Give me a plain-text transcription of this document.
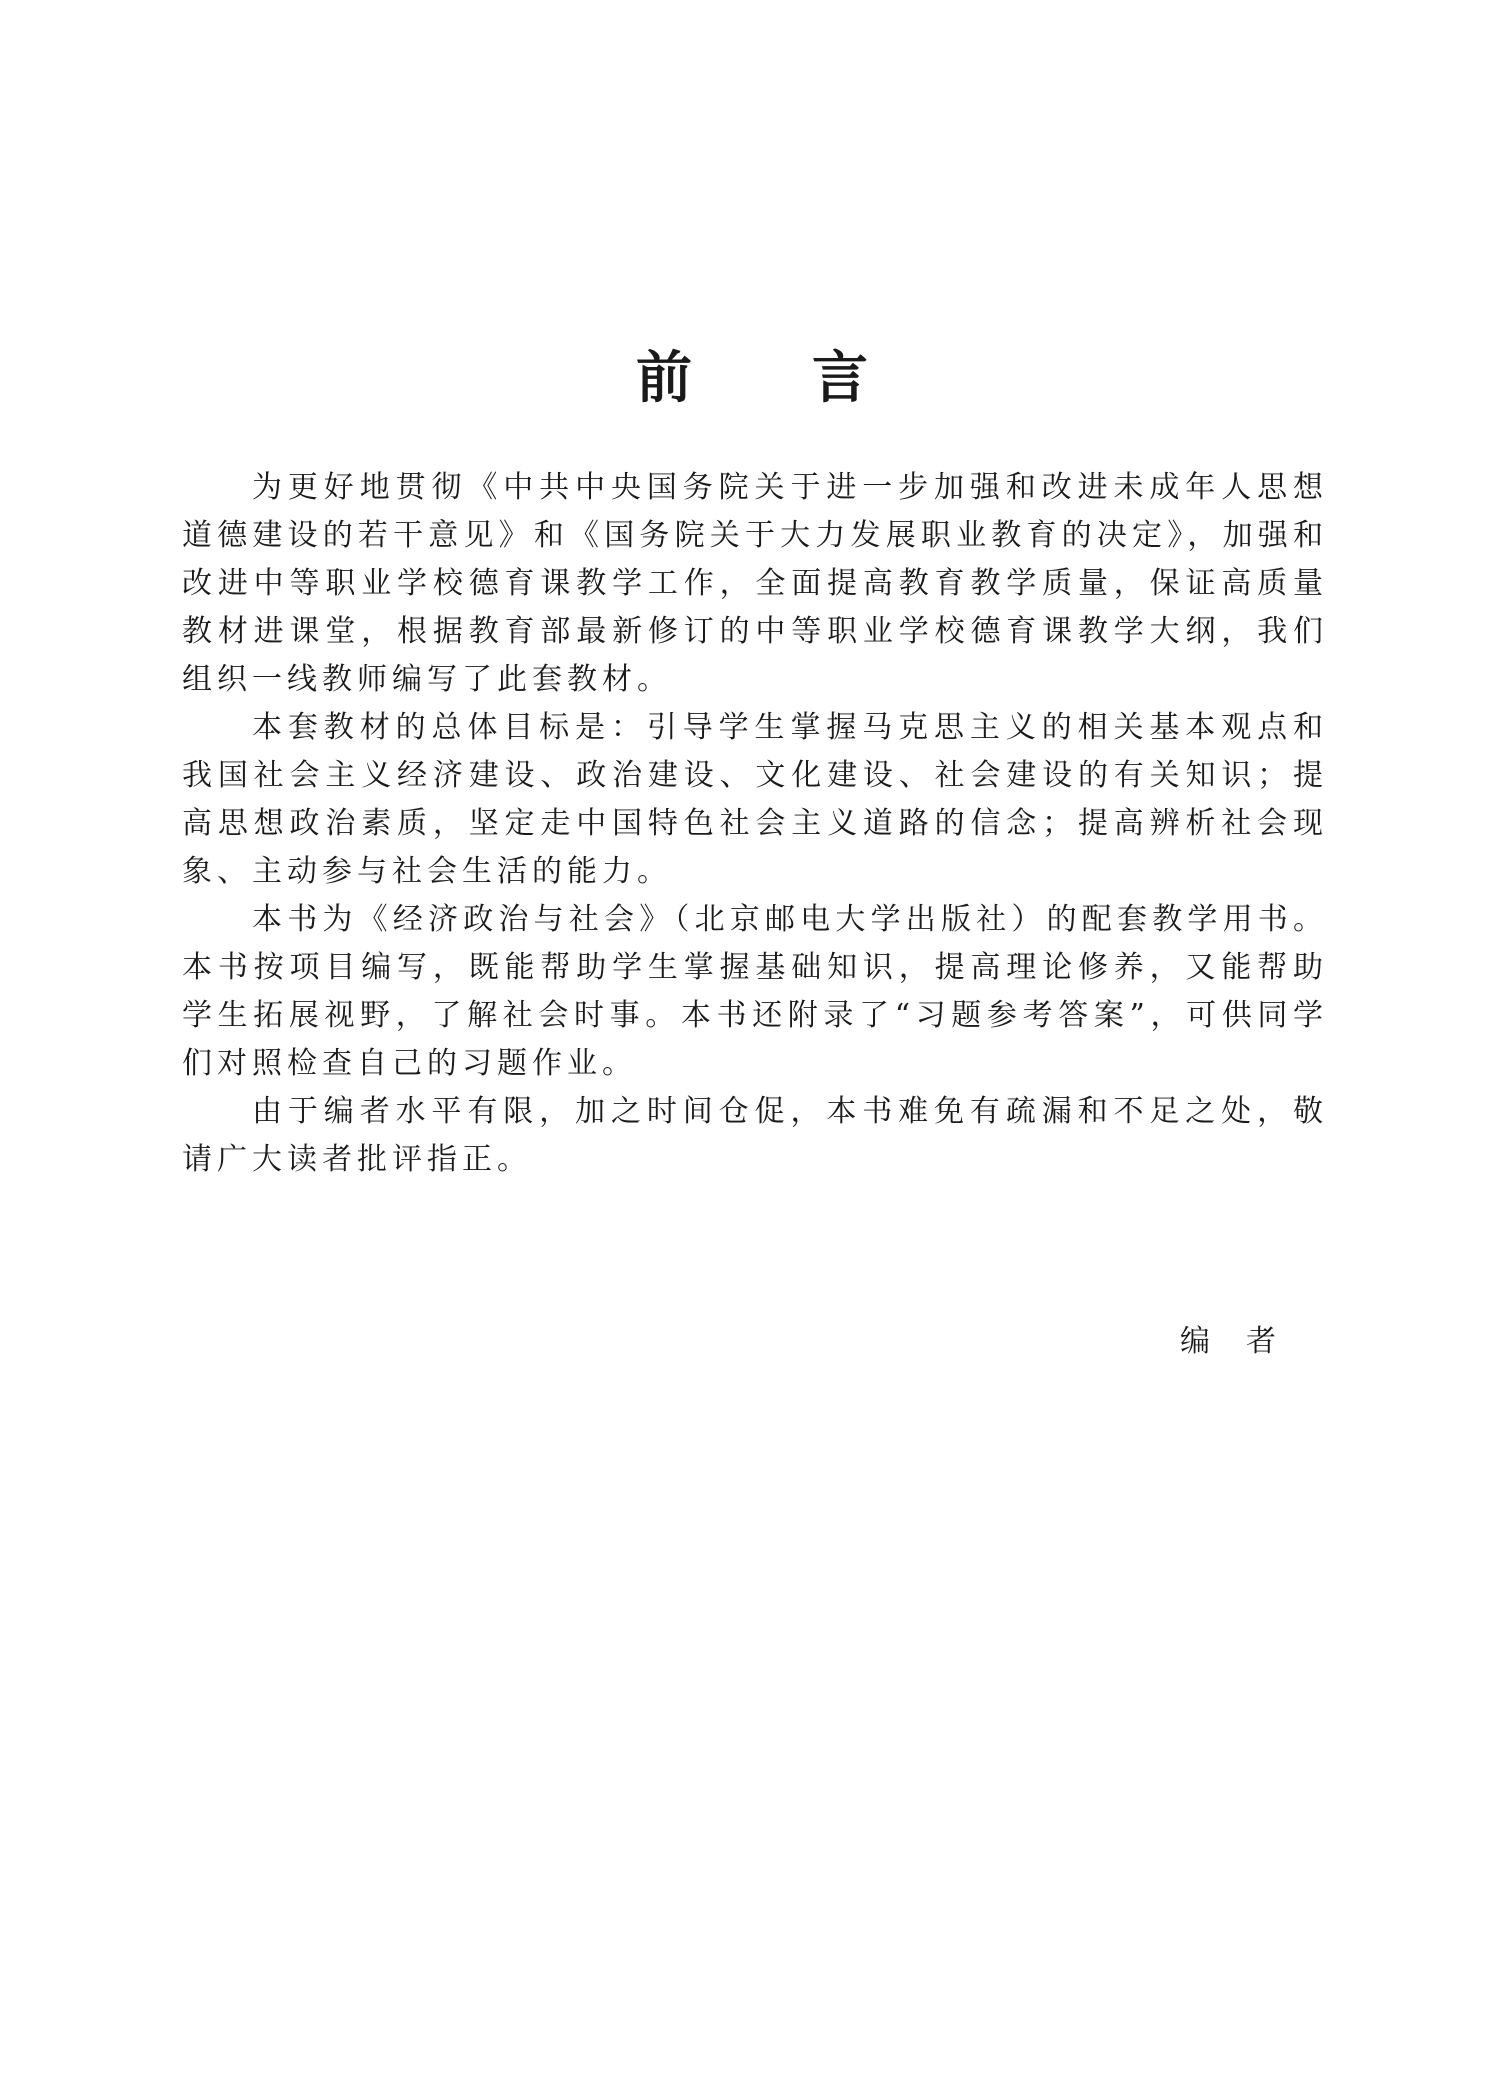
前言

为更好地贯彻《中共中央国务院关于进一步加强和改进未成年人思想道德建设的若干意见》和《国务院关于大力发展职业教育的决定》，加强和改进中等职业学校德育课教学工作，全面提高教育教学质量，保证高质量教材进课堂，根据教育部最新修订的中等职业学校德育课教学大纲，我们组织一线教师编写了此套教材。

本套教材的总体目标是：引导学生掌握马克思主义的相关基本观点和我国社会主义经济建设、政治建设、文化建设、社会建设的有关知识；提高思想政治素质，坚定走中国特色社会主义道路的信念；提高辨析社会现象、主动参与社会生活的能力。

本书为《经济政治与社会》（北京邮电大学出版社）的配套教学用书。本书按项目编写，既能帮助学生掌握基础知识，提高理论修养，又能帮助学生拓展视野，了解社会时事。本书还附录了“习题参考答案”，可供同学们对照检查自己的习题作业。

由于编者水平有限，加之时间仓促，本书难免有疏漏和不足之处，敬请广大读者批评指正。

编者
